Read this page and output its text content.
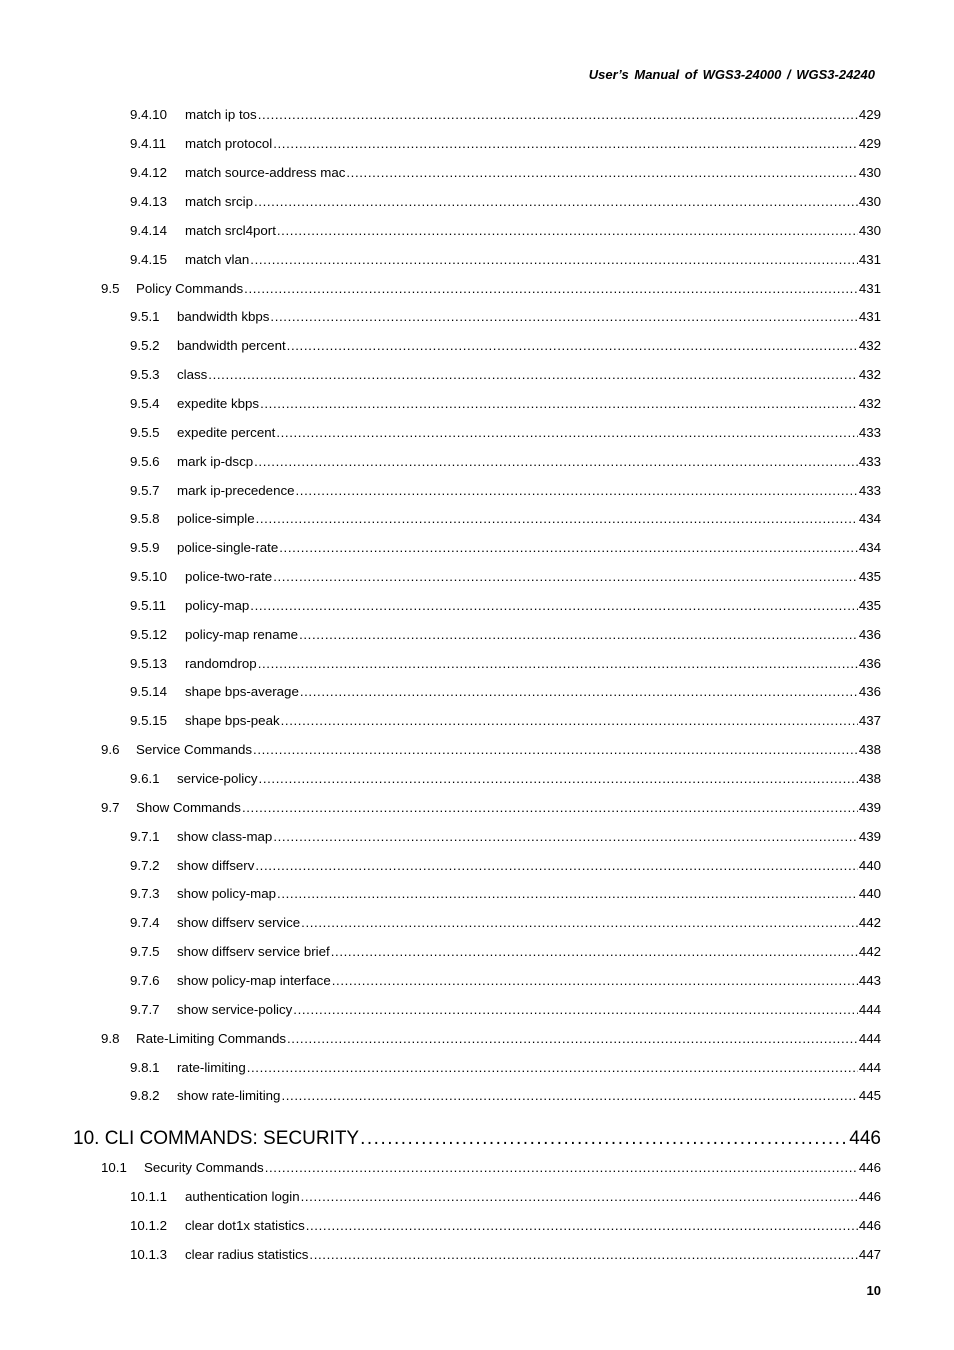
User’s Manual of WGS3-24000 / WGS3-24240
9.4.10	match ip tos .....	429
9.4.11	match protocol .....	429
9.4.12	match source-address mac .....	430
9.4.13	match srcip .....	430
9.4.14	match srcl4port .....	430
9.4.15	match vlan .....	431
9.5	Policy Commands .....	431
9.5.1	bandwidth kbps .....	431
9.5.2	bandwidth percent .....	432
9.5.3	class .....	432
9.5.4	expedite kbps .....	432
9.5.5	expedite percent .....	433
9.5.6	mark ip-dscp .....	433
9.5.7	mark ip-precedence .....	433
9.5.8	police-simple .....	434
9.5.9	police-single-rate .....	434
9.5.10	police-two-rate .....	435
9.5.11	policy-map .....	435
9.5.12	policy-map rename .....	436
9.5.13	randomdrop .....	436
9.5.14	shape bps-average .....	436
9.5.15	shape bps-peak .....	437
9.6	Service Commands .....	438
9.6.1	service-policy .....	438
9.7	Show Commands .....	439
9.7.1	show class-map .....	439
9.7.2	show diffserv .....	440
9.7.3	show policy-map .....	440
9.7.4	show diffserv service .....	442
9.7.5	show diffserv service brief .....	442
9.7.6	show policy-map interface .....	443
9.7.7	show service-policy .....	444
9.8	Rate-Limiting Commands .....	444
9.8.1	rate-limiting .....	444
9.8.2	show rate-limiting .....	445
10. CLI COMMANDS: SECURITY .....	446
10.1	Security Commands .....	446
10.1.1	authentication login .....	446
10.1.2	clear dot1x statistics .....	446
10.1.3	clear radius statistics .....	447
10
